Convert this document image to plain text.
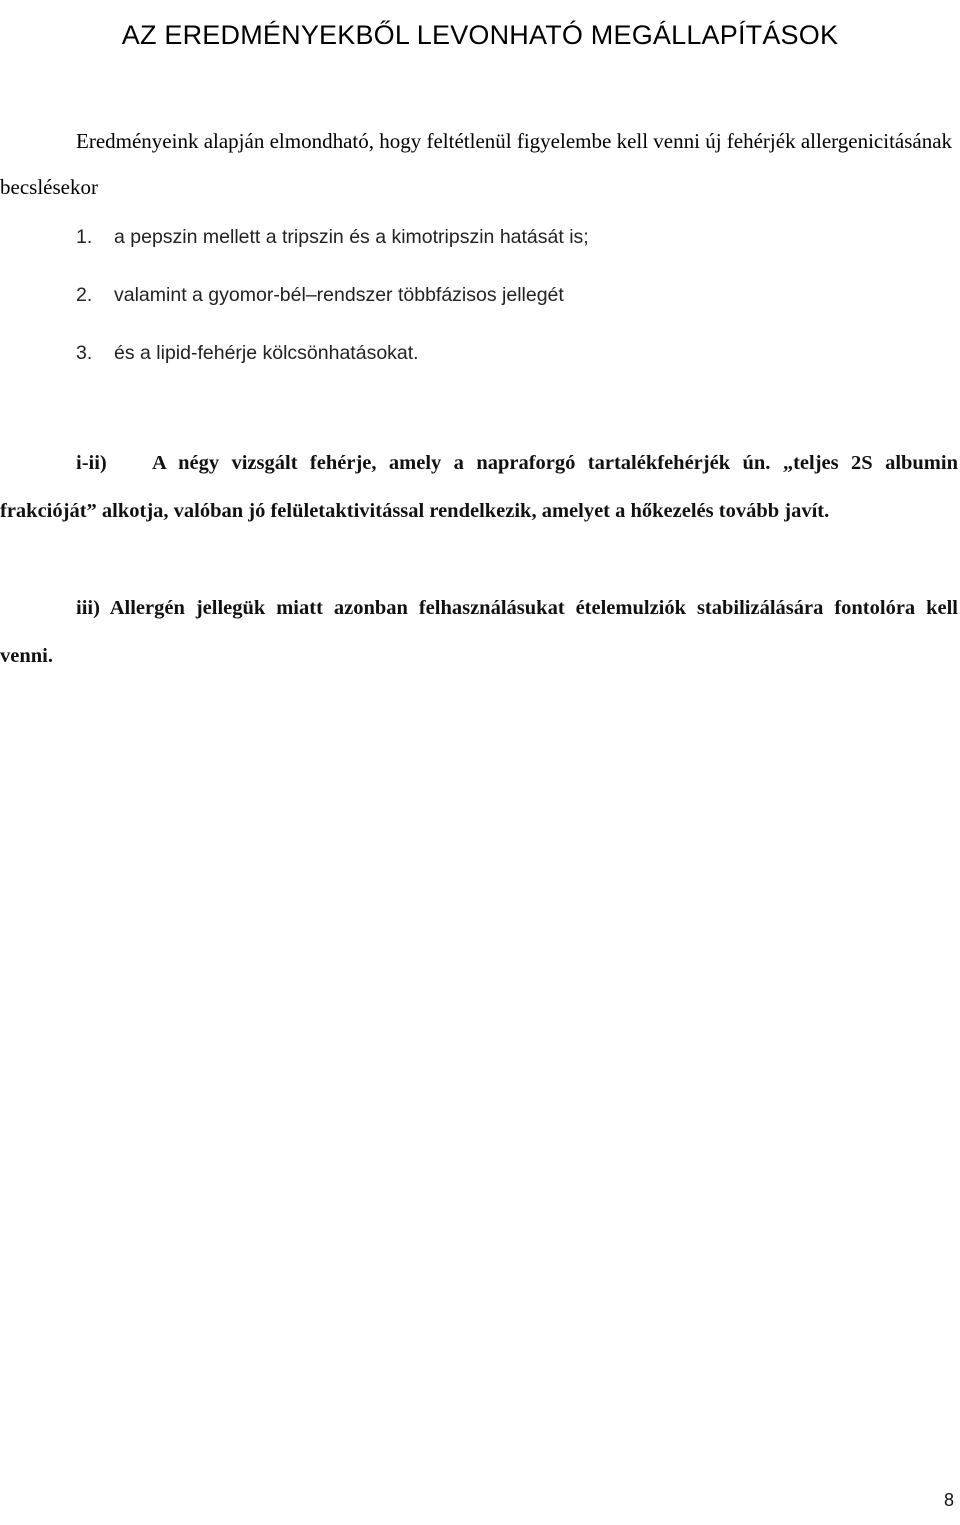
AZ EREDMÉNYEKBŐL LEVONHATÓ MEGÁLLAPÍTÁSOK

Eredményeink alapján elmondható, hogy feltétlenül figyelembe kell venni új fehérjék allergenicitásának becslésekor

1. a pepszin mellett a tripszin és a kimotripszin hatását is;
2. valamint a gyomor-bél–rendszer többfázisos jellegét
3. és a lipid-fehérje kölcsönhatásokat.

i-ii) A négy vizsgált fehérje, amely a napraforgó tartalékfehérjék ún. „teljes 2S albumin frakcióját” alkotja, valóban jó felületaktivitással rendelkezik, amelyet a hőkezelés tovább javít.

iii) Allergén jellegük miatt azonban felhasználásukat ételemulziók stabilizálására fontolóra kell venni.

8
